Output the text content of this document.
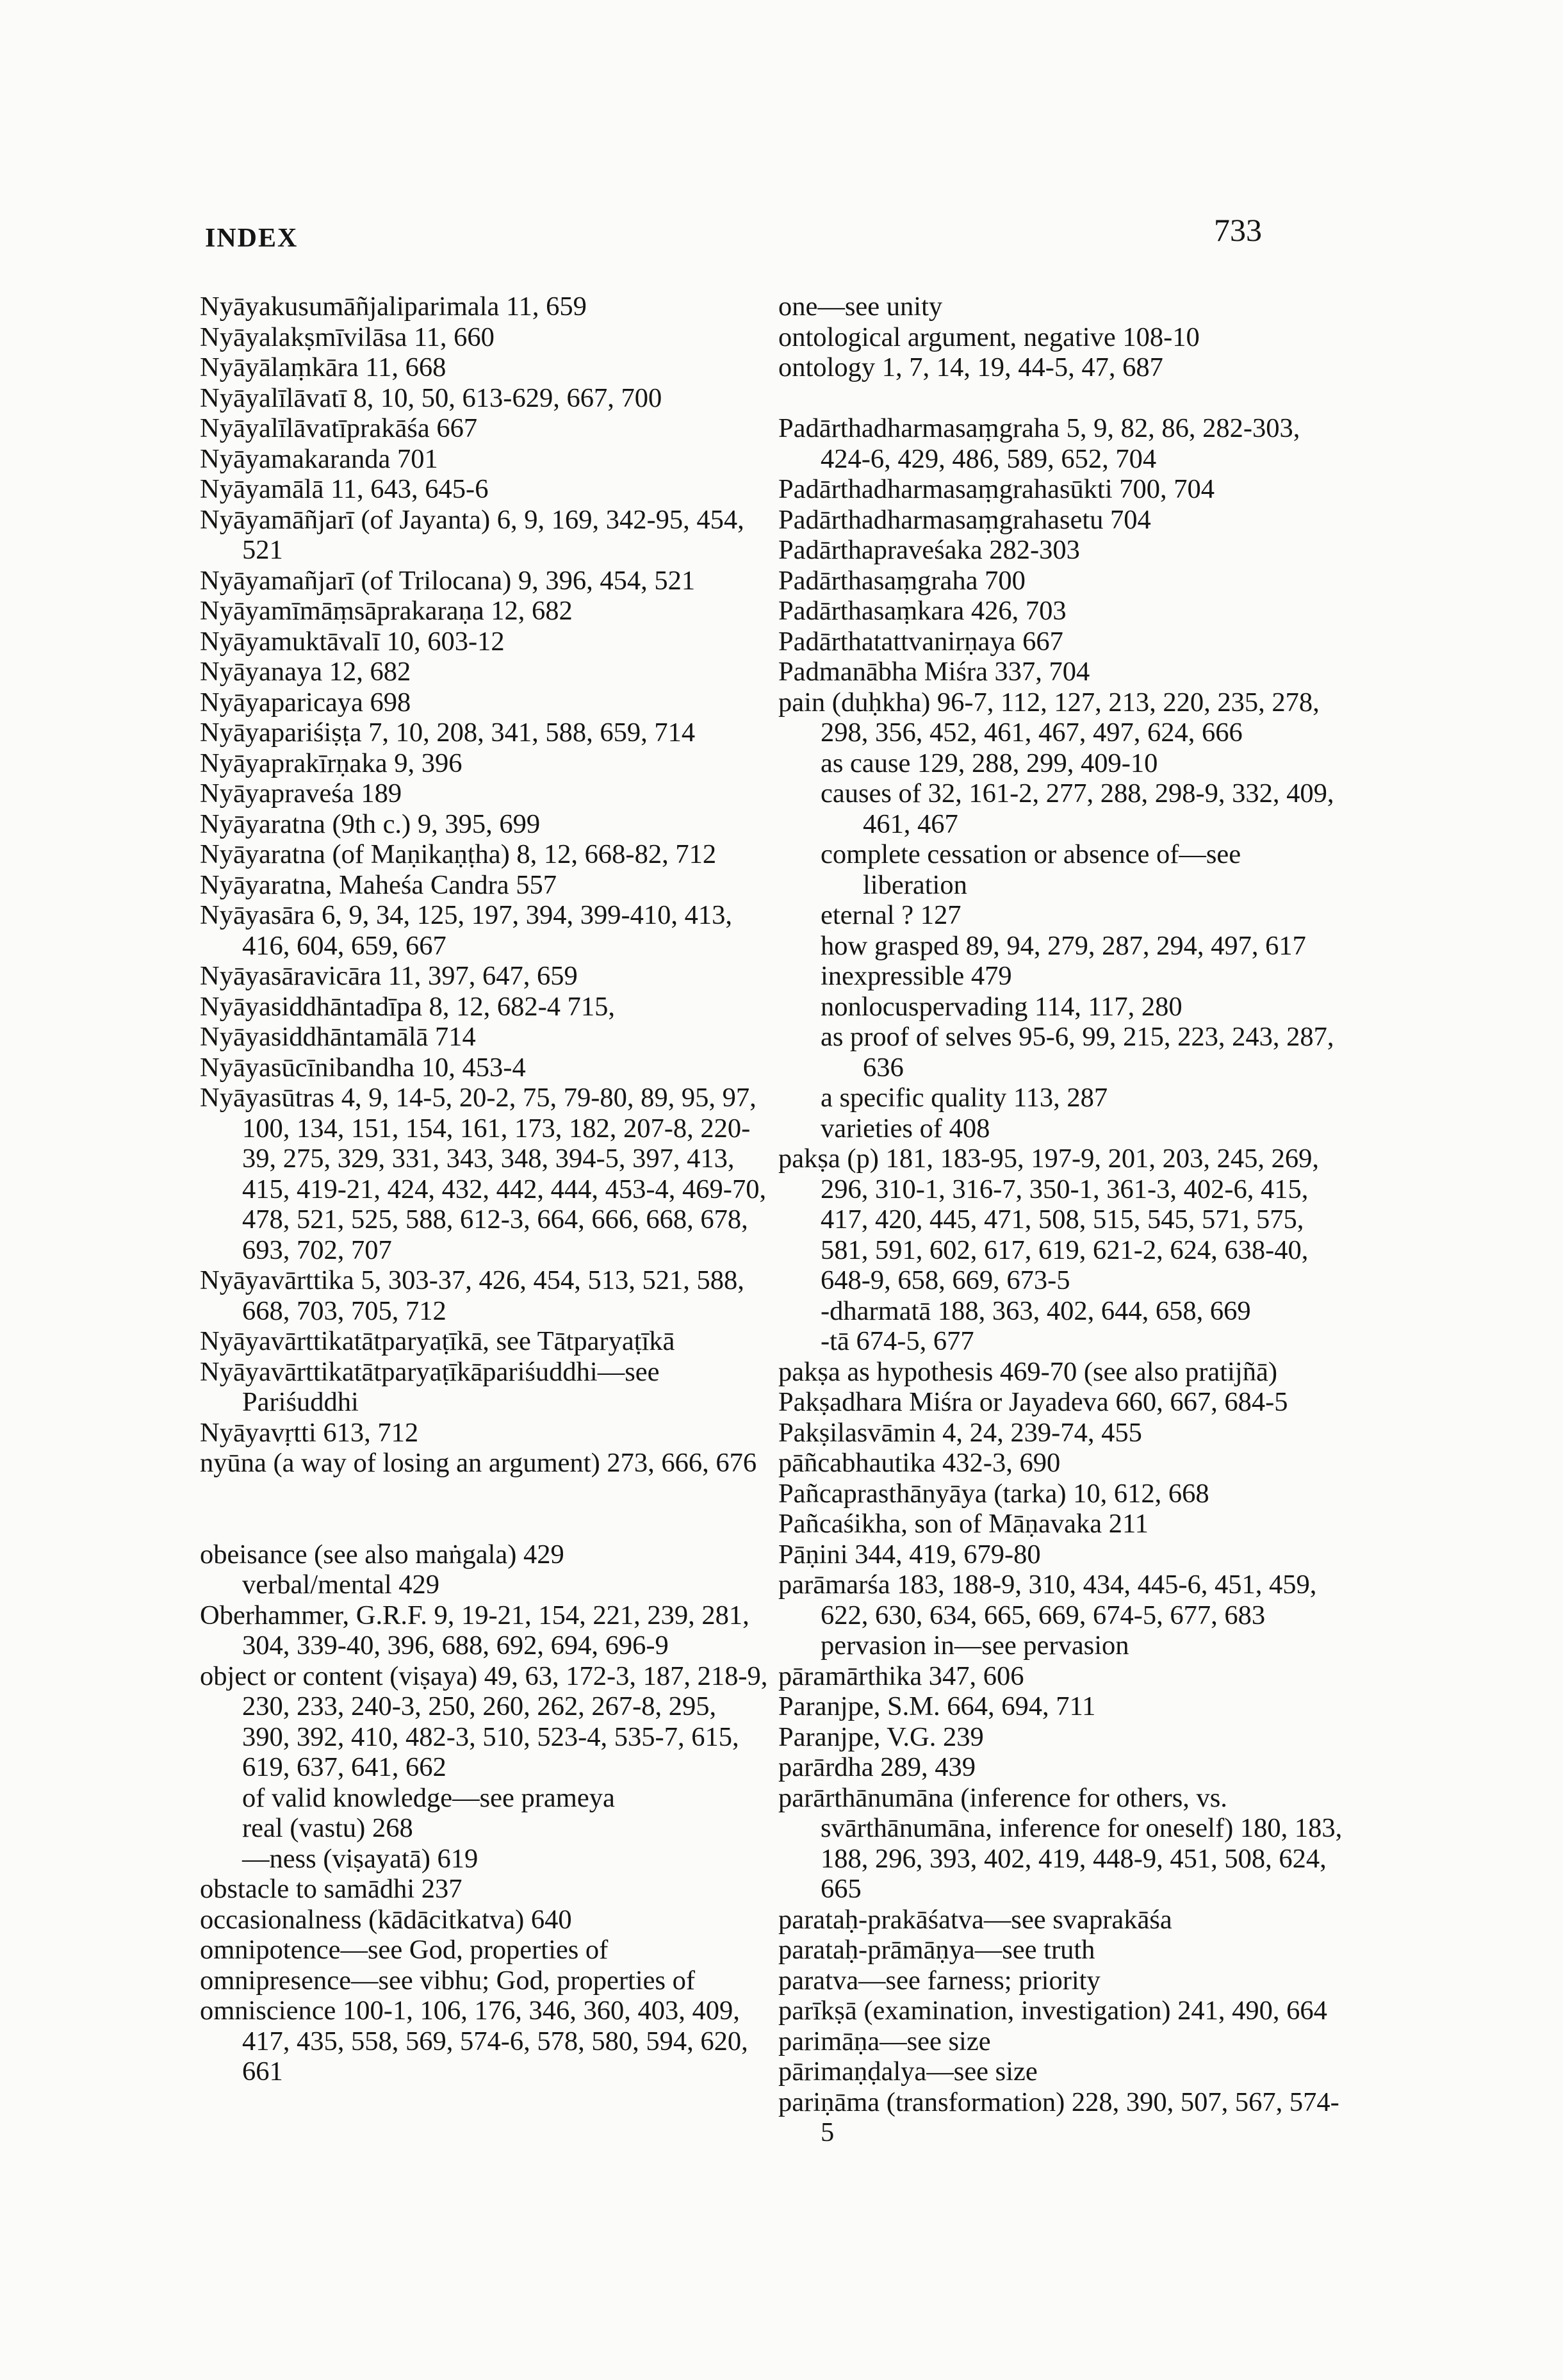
INDEX	733

Nyāyakusumāñjaliparimala 11, 659

Nyāyalakṣmīvilāsa 11, 660

Nyāyālaṃkāra 11, 668

Nyāyalīlāvatī 8, 10, 50, 613-629, 667, 700

Nyāyalīlāvatīprakāśa 667

Nyāyamakaranda 701

Nyāyamālā 11, 643, 645-6

Nyāyamāñjarī (of Jayanta) 6, 9, 169, 342-95, 454, 521

Nyāyamañjarī (of Trilocana) 9, 396, 454, 521

Nyāyamīmāṃsāprakaraṇa 12, 682

Nyāyamuktāvalī 10, 603-12

Nyāyanaya 12, 682

Nyāyaparicaya 698

Nyāyapariśiṣṭa 7, 10, 208, 341, 588, 659, 714

Nyāyaprakīrṇaka 9, 396

Nyāyapraveśa 189

Nyāyaratna (9th c.) 9, 395, 699

Nyāyaratna (of Maṇikaṇṭha) 8, 12, 668-82, 712

Nyāyaratna, Maheśa Candra 557

Nyāyasāra 6, 9, 34, 125, 197, 394, 399-410, 413, 416, 604, 659, 667

Nyāyasāravicāra 11, 397, 647, 659

Nyāyasiddhāntadīpa 8, 12, 682-4 715,

Nyāyasiddhāntamālā 714

Nyāyasūcīnibandha 10, 453-4

Nyāyasūtras 4, 9, 14-5, 20-2, 75, 79-80, 89, 95, 97, 100, 134, 151, 154, 161, 173, 182, 207-8, 220-39, 275, 329, 331, 343, 348, 394-5, 397, 413, 415, 419-21, 424, 432, 442, 444, 453-4, 469-70, 478, 521, 525, 588, 612-3, 664, 666, 668, 678, 693, 702, 707

Nyāyavārttika 5, 303-37, 426, 454, 513, 521, 588, 668, 703, 705, 712

Nyāyavārttikatātparyaṭīkā, see Tātparyaṭīkā

Nyāyavārttikatātparyaṭīkāpariśuddhi—see Pariśuddhi

Nyāyavṛtti 613, 712

nyūna (a way of losing an argument) 273, 666, 676

obeisance (see also maṅgala) 429

verbal/mental 429

Oberhammer, G.R.F. 9, 19-21, 154, 221, 239, 281, 304, 339-40, 396, 688, 692, 694, 696-9

object or content (viṣaya) 49, 63, 172-3, 187, 218-9, 230, 233, 240-3, 250, 260, 262, 267-8, 295, 390, 392, 410, 482-3, 510, 523-4, 535-7, 615, 619, 637, 641, 662

of valid knowledge—see prameya

real (vastu) 268

—ness (viṣayatā) 619

obstacle to samādhi 237

occasionalness (kādācitkatva) 640

omnipotence—see God, properties of

omnipresence—see vibhu; God, properties of

omniscience 100-1, 106, 176, 346, 360, 403, 409, 417, 435, 558, 569, 574-6, 578, 580, 594, 620, 661

one—see unity

ontological argument, negative 108-10

ontology 1, 7, 14, 19, 44-5, 47, 687

Padārthadharmasaṃgraha 5, 9, 82, 86, 282-303, 424-6, 429, 486, 589, 652, 704

Padārthadharmasaṃgrahasūkti 700, 704

Padārthadharmasaṃgrahasetu 704

Padārthapraveśaka 282-303

Padārthasaṃgraha 700

Padārthasaṃkara 426, 703

Padārthatattvanirṇaya 667

Padmanābha Miśra 337, 704

pain (duḥkha) 96-7, 112, 127, 213, 220, 235, 278, 298, 356, 452, 461, 467, 497, 624, 666

as cause 129, 288, 299, 409-10

causes of 32, 161-2, 277, 288, 298-9, 332, 409, 461, 467

complete cessation or absence of—see liberation

eternal ? 127

how grasped 89, 94, 279, 287, 294, 497, 617

inexpressible 479

nonlocuspervading 114, 117, 280

as proof of selves 95-6, 99, 215, 223, 243, 287, 636

a specific quality 113, 287

varieties of 408

pakṣa (p) 181, 183-95, 197-9, 201, 203, 245, 269, 296, 310-1, 316-7, 350-1, 361-3, 402-6, 415, 417, 420, 445, 471, 508, 515, 545, 571, 575, 581, 591, 602, 617, 619, 621-2, 624, 638-40, 648-9, 658, 669, 673-5

-dharmatā 188, 363, 402, 644, 658, 669

-tā 674-5, 677

pakṣa as hypothesis 469-70 (see also pratijñā)

Pakṣadhara Miśra or Jayadeva 660, 667, 684-5

Pakṣilasvāmin 4, 24, 239-74, 455

pāñcabhautika 432-3, 690

Pañcaprasthānyāya (tarka) 10, 612, 668

Pañcaśikha, son of Māṇavaka 211

Pāṇini 344, 419, 679-80

parāmarśa 183, 188-9, 310, 434, 445-6, 451, 459, 622, 630, 634, 665, 669, 674-5, 677, 683

pervasion in—see pervasion

pāramārthika 347, 606

Paranjpe, S.M. 664, 694, 711

Paranjpe, V.G. 239

parārdha 289, 439

parārthānumāna (inference for others, vs. svārthānumāna, inference for oneself) 180, 183, 188, 296, 393, 402, 419, 448-9, 451, 508, 624, 665

parataḥ-prakāśatva—see svaprakāśa

parataḥ-prāmāṇya—see truth

paratva—see farness; priority

parīkṣā (examination, investigation) 241, 490, 664

parimāṇa—see size

pārimaṇḍalya—see size

pariṇāma (transformation) 228, 390, 507, 567, 574-5
